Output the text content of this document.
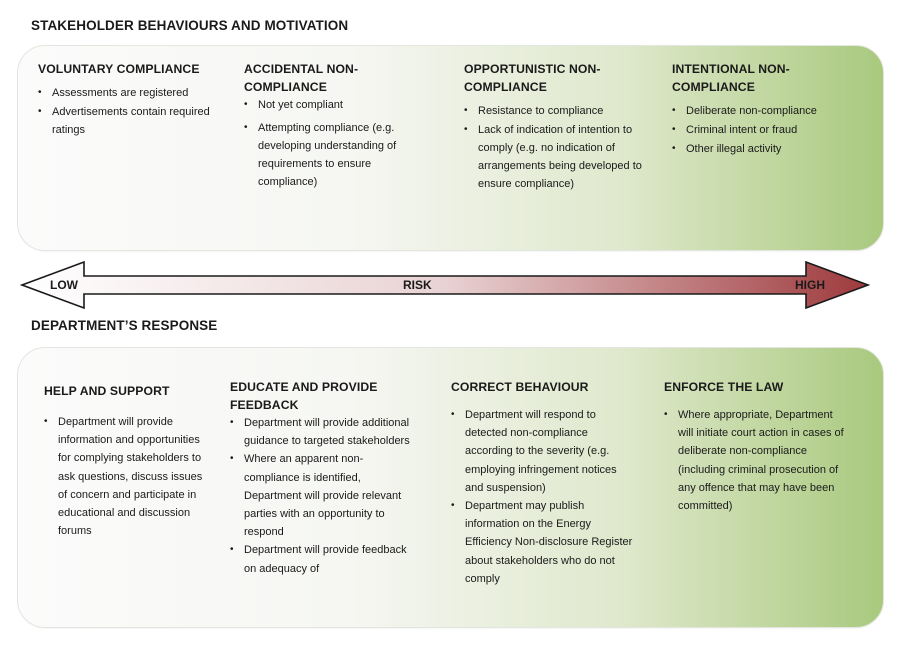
STAKEHOLDER BEHAVIOURS AND MOTIVATION
VOLUNTARY COMPLIANCE
• Assessments are registered
• Advertisements contain required ratings
ACCIDENTAL NON-COMPLIANCE
• Not yet compliant
• Attempting compliance (e.g. developing understanding of requirements to ensure compliance)
OPPORTUNISTIC NON-COMPLIANCE
• Resistance to compliance
• Lack of indication of intention to comply (e.g. no indication of arrangements being developed to ensure compliance)
INTENTIONAL NON-COMPLIANCE
• Deliberate non-compliance
• Criminal intent or fraud
• Other illegal activity
LOW	RISK	HIGH
DEPARTMENT’S RESPONSE
HELP AND SUPPORT
• Department will provide information and opportunities for complying stakeholders to ask questions, discuss issues of concern and participate in educational and discussion forums
EDUCATE AND PROVIDE FEEDBACK
• Department will provide additional guidance to targeted stakeholders
• Where an apparent non-compliance is identified, Department will provide relevant parties with an opportunity to respond
• Department will provide feedback on adequacy of
CORRECT BEHAVIOUR
• Department will respond to detected non-compliance according to the severity (e.g. employing infringement notices and suspension)
• Department may publish information on the Energy Efficiency Non-disclosure Register about stakeholders who do not comply
ENFORCE THE LAW
• Where appropriate, Department will initiate court action in cases of deliberate non-compliance (including criminal prosecution of any offence that may have been committed)
